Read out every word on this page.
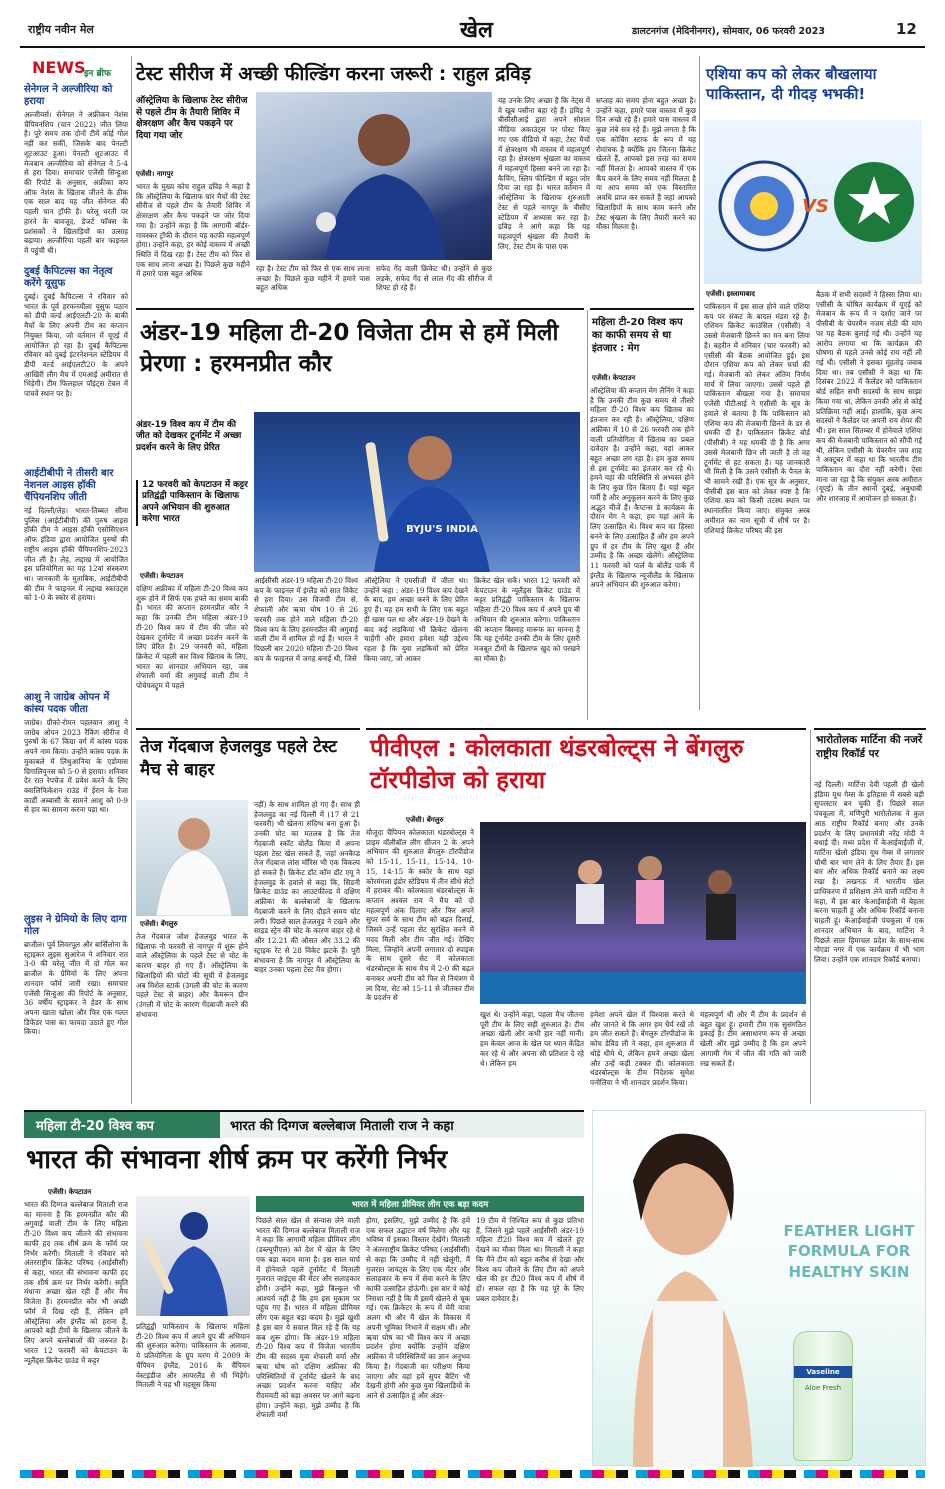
राष्ट्रीय नवीन मेल	खेल	डालटनगंज (मेदिनीनगर), सोमवार, 06 फरवरी 2023	12
NEWS
इन ब्रीफ
सेनेगल ने अल्जीरिया को हराया
अल्जीयर्स। सेनेगल ने अफ्रीकन नेशंस चैंपियनशिप (चान 2022) जीत लिया है। पूरे समय तक दोनों टीमें कोई गोल नहीं कर सकीं, जिसके बाद पेनल्टी शूटआउट हुआ। पेनल्टी शूटआउट में मेजबान अल्जीरिया को सेनेगल ने 5-4 से हरा दिया। समाचार एजेंसी सिन्हुआ की रिपोर्ट के अनुसार, अफ्रीका कप ऑफ नेशंस के खिताब जीतने के ठीक एक साल बाद यह जीत सेनेगल की पहली चान ट्रॉफी है। घरेलू धरती पर हारने के बावजूद, डेजर्ट फॉक्स के प्रशंसकों ने खिलाड़ियों का उत्साह बढ़ाया। अल्जीरिया पहली बार फाइनल में पहुंची थी।
दुबई कैपिटल्स का नेतृत्व करेंगे यूसुफ
दुबई। दुबई कैपिटल्स ने रविवार को भारत के पूर्व हरफनमौला यूसुफ पठान को डीपी वर्ल्ड आईएलटी-20 के बाकी मैचों के लिए अपनी टीम का कप्तान नियुक्त किया, जो वर्तमान में यूएई में आयोजित हो रहा है। दुबई कैपिटल्स रविवार को दुबई इंटरनेशनल स्टेडियम में डीपी वर्ल्ड आईएलटी20 के अपने आखिरी लीग मैच में एमआई अमीरात से भिड़ेगी। टीम फिलहाल पॉइंट्स टेबल में पांचवें स्थान पर है।
आईटीबीपी ने तीसरी बार नेशनल आइस हॉकी चैंपियनशिप जीती
नई दिल्ली/लेह। भारत-तिब्बत सीमा पुलिस (आईटीबीपी) की पुरुष आइस हॉकी टीम ने आइस हॉकी एसोसिएशन ऑफ इंडिया द्वारा आयोजित पुरुषों की राष्ट्रीय आइस हॉकी चैंपियनशिप-2023 जीत ली है। लेह, लद्दाख में आयोजित इस प्रतियोगिता का यह 12वां संस्करण था। जानकारी के मुताबिक, आईटीबीपी की टीम ने फाइनल में लद्दाख स्काउट्स को 1-0 के स्कोर से हराया।
आशु ने जाग्रेब ओपन में कांस्य पदक जीता
जाग्रेब। ग्रीको-रोमन पहलवान आशु ने जाग्रेब ओपन 2023 रैंकिंग सीरीज में पुरुषों के 67 किग्रा वर्ग में कांस्य पदक अपने नाम किया। उन्होंने कांस्य पदक के मुकाबले में लिथुआनिया के एडोमास ग्रिगालियुनस को 5-0 से हराया। शनिवार देर रात रेपचेज में प्रवेश करने के लिए क्वालिफिकेशन राउंड में ईरान के रेजा कार्डी अब्बासी के सामने आशु को 0-9 से हार का सामना करना पड़ा था।
लुइस ने ग्रेमियो के लिए दागा गोल
ब्राजील। पूर्व लिवरपूल और बार्सिलोना के स्ट्राइकर लुइस सुआरेज ने शनिवार रात 3-0 की घरेलू जीत में दो गोल कर ब्राजील के ग्रेमियो के लिए अपना शानदार फॉर्म जारी रखा। समाचार एजेंसी सिन्हुआ की रिपोर्ट के अनुसार, 36 वर्षीय स्ट्राइकर ने हेडर के साथ अपना खाता खोला और फिर एक गलत डिफेंडर पास का फायदा उठाते हुए गोल किया।
टेस्ट सीरीज में अच्छी फील्डिंग करना जरूरी : राहुल द्रविड़
ऑस्ट्रेलिया के खिलाफ टेस्ट सीरीज से पहले टीम के तैयारी शिविर में क्षेत्ररक्षण और कैच पकड़ने पर दिया गया जोर
एजेंसी। नागपुर
भारत के मुख्य कोच राहुल द्रविड़ ने कहा है कि ऑस्ट्रेलिया के खिलाफ चार मैचों की टेस्ट सीरीज से पहले टीम के तैयारी शिविर में क्षेत्ररक्षण और कैच पकड़ने पर जोर दिया गया है। उन्होंने कहा है कि आगामी बॉर्डर-गावस्कर ट्रॉफी के दौरान यह काफी महत्वपूर्ण होगा। उन्होंने कहा, हर कोई वास्तव में अच्छी स्थिति में दिख रहा है। टेस्ट टीम को फिर से एक साथ लाना अच्छा है। पिछले कुछ महीने में हमारे पास बहुत अधिक
रहा है। टेस्ट टीम को फिर से एक साथ लाना अच्छा है। पिछले कुछ महीने में हमारे पास बहुत अधिक
सफेद गेंद वाली क्रिकेट थी। उन्होंने से कुछ लड़के, सफेद गेंद से लाल गेंद की सीरीज में शिफ्ट हो रहे हैं।
यह उनके लिए अच्छा है कि नेट्स में वे खूब पसीना बहा रहे हैं। द्रविड़ ने बीसीसीआई द्वारा अपने सोशल मीडिया अकाउंट्स पर पोस्ट किए गए एक वीडियो में कहा, टेस्ट मैचों में क्षेत्ररक्षण भी वास्तव में महत्वपूर्ण रहा है। क्षेत्ररक्षण श्रृंखला का वास्तव में महत्वपूर्ण हिस्सा बनने जा रहा है। कैचिंग, स्लिप फील्डिंग में बहुत जोर दिया जा रहा है। भारत वर्तमान में ऑस्ट्रेलिया के खिलाफ शुरुआती टेस्ट से पहले नागपुर के वीसीए स्टेडियम में अभ्यास कर रहा है। द्रविड़ ने आगे कहा कि यह महत्वपूर्ण श्रृंखला की तैयारी के लिए, टेस्ट टीम के पास एक
सप्ताह का समय होना बहुत अच्छा है। उन्होंने कहा, हमारे पास वास्तव में कुछ दिन अच्छे रहे हैं। हमारे पास वास्तव में कुछ लंबे सत्र रहे हैं। मुझे लगता है कि एक कोचिंग स्टाफ के रूप में यह रोमांचक है क्योंकि हम जितना क्रिकेट खेलते हैं, आपको इस तरह का समय नहीं मिलता है। आपको वास्तव में एक कैंप करने के लिए समय नहीं मिलता है या आप समय को एक विस्तारित अवधि प्राप्त कर सकते हैं जहां आपको खिलाड़ियों के साथ काम करने और टेस्ट श्रृंखला के लिए तैयारी करने का मौका मिलता है।
एशिया कप को लेकर बौखलाया पाकिस्तान, दी गीदड़ भभकी!
VS
एजेंसी। इस्लामाबाद
पाकिस्तान में इस साल होने वाले एशिया कप पर संकट के बादल मंडरा रहे हैं। एशियन क्रिकेट काउंसिल (एसीसी) ने उससे मेजबानी छिनने का मन बना लिया है। बहरीन में शनिवार (चार फरवरी) को एसीसी की बैठक आयोजित हुई। इस दौरान एशिया कप को लेकर चर्चा की गई। मेजबानी को लेकर अंतिम निर्णय मार्च में लिया जाएगा। उससे पहले ही पाकिस्तान बौखला गया है। समाचार एजेंसी पीटीआई ने एसीसी के सूत्र के हवाले से बताया है कि पाकिस्तान को एशिया कप की मेजबानी छिनने के डर से धमकी दी है। पाकिस्तान क्रिकेट बोर्ड (पीसीबी) ने यह धमकी दी है कि अगर उससे मेजबानी छिन ली जाती है तो वह टूर्नामेंट से हट सकता है। यह जानकारी भी मिली है कि उसने एसीसी के पैनल के भी सामने रखी है। एक सूत्र के अनुसार, पीसीबी इस बात को लेकर स्पष्ट है कि एशिया कप को किसी तटस्थ स्थान पर स्थानांतरित किया जाए। संयुक्त अरब अमीरात का नाम सूची में शीर्ष पर है। एशियाई क्रिकेट परिषद की इस
बैठक में सभी सदस्यों ने हिस्सा लिया था। एसीसी के घोषित कार्यक्रम में यूएई को मेजबान के रूप में न दर्शाए जाने पर पीसीबी के चेयरमैन नजम सेठी की मांग पर यह बैठक बुलाई गई थी। उन्होंने यह आरोप लगाया था कि कार्यक्रम की घोषणा से पहले उनसे कोई राय नहीं ली गई थी। एसीसी ने इसका मुंहतोड़ जवाब दिया था। तब एसीसी ने कहा था कि दिसंबर 2022 में कैलेंडर को पाकिस्तान बोर्ड सहित सभी सदस्यों के साथ साझा किया गया था, लेकिन उनकी ओर से कोई प्रतिक्रिया नहीं आई। हालांकि, कुछ अन्य सदस्यों ने कैलेंडर पर अपनी राय शेयर की थी। इस साल सितम्बर में होनेवाले एशिया कप की मेजबानी पाकिस्तान को सौंपी गई थी, लेकिन एसीसी के चेयरमैन जय शाह ने अक्टूबर में कहा था कि भारतीय टीम पाकिस्तान का दौरा नहीं करेगी। ऐसा माना जा रहा है कि संयुक्त अरब अमीरात (यूएई) के तीन स्थानों दुबई, अबुधाबी और शारजाह में आयोजन हो सकता है।
अंडर-19 महिला टी-20 विजेता टीम से हमें मिली प्रेरणा : हरमनप्रीत कौर
अंडर-19 विश्व कप में टीम की जीत को देखकर टूर्नामेंट में अच्छा प्रदर्शन करने के लिए प्रेरित
12 फरवरी को केपटाउन में कट्टर प्रतिद्वंद्वी पाकिस्तान के खिलाफ अपने अभियान की शुरुआत करेगा भारत
BYJU'S INDIA
एजेंसी। केपटाउन
दक्षिण अफ्रीका में महिला टी-20 विश्व कप शुरू होने में सिर्फ एक हफ्ते का समय बाकी है। भारत की कप्तान हरमनप्रीत कौर ने कहा कि उनकी टीम महिला अंडर-19 टी-20 विश्व कप में टीम की जीत को देखकर टूर्नामेंट में अच्छा प्रदर्शन करने के लिए प्रेरित है। 29 जनवरी को, महिला क्रिकेट में पहली बार विश्व खिताब के लिए, भारत का शानदार अभियान रहा, जब शेफाली वर्मा की अगुवाई वाली टीम ने पोचेफस्ट्रूम में पहले
आईसीसी अंडर-19 महिला टी-20 विश्व कप के फाइनल में इंग्लैंड को सात विकेट से हरा दिया। उस विजयी टीम से, शेफाली और ऋचा घोष 10 से 26 फरवरी तक होने वाले महिला टी-20 विश्व कप के लिए हरमनप्रीत की अगुवाई वाली टीम में शामिल हो गई हैं। भारत ने पिछली बार 2020 महिला टी-20 विश्व कप के फाइनल में जगह बनाई थी, जिसे
ऑस्ट्रेलिया ने एमसीजी में जीता था। उन्होंने कहा : अंडर-19 विश्व कप देखने के बाद, हम अच्छा करने के लिए प्रेरित हुए हैं। यह हम सभी के लिए एक बहुत ही खास पल था और अंडर-19 देखने के बाद कई लड़कियां भी क्रिकेट खेलना चाहेंगी और हमारा हमेशा यही उद्देश्य रहता है कि युवा लड़कियों को प्रेरित किया जाए, जो आकर
क्रिकेट खेल सकें। भारत 12 फरवरी को केपटाउन के न्यूलैंड्स क्रिकेट ग्राउंड में कट्टर प्रतिद्वंद्वी पाकिस्तान के खिलाफ महिला टी-20 विश्व कप में अपने ग्रुप बी अभियान की शुरुआत करेगा। पाकिस्तान की कप्तान बिस्माह मारूफ का मानना है कि यह टूर्नामेंट उनकी टीम के लिए दूसरी मजबूत टीमों के खिलाफ खुद को परखने का मौका है।
महिला टी-20 विश्व कप का काफी समय से था इंतजार : मेग
एजेंसी। केपटाउन
ऑस्ट्रेलिया की कप्तान मेग लैनिंग ने कहा है कि उनकी टीम कुछ समय से तीसरे महिला टी-20 विश्व कप खिताब का इंतजार कर रही है। ऑस्ट्रेलिया, दक्षिण अफ्रीका में 10 से 26 फरवरी तक होने वाली प्रतियोगिता में खिताब का प्रबल दावेदार है। उन्होंने कहा, यहां आकर बहुत अच्छा लग रहा है। हम कुछ समय से इस टूर्नामेंट का इंतजार कर रहे थे। हमने यहां की परिस्थिति से अभ्यस्त होने के लिए कुछ दिन बिताए हैं। यहां बहुत गर्मी है और अनुकूलन करने के लिए कुछ अद्भुत चीजें हैं। कैप्टन्स डे कार्यक्रम के दौरान मेग ने कहा, हम यहां आने के लिए उत्साहित थे। विश्व कप का हिस्सा बनने के लिए उत्साहित हैं और हम अपने ग्रुप में हर टीम के लिए खुश हैं और उम्मीद है कि अच्छा खेलेंगे। ऑस्ट्रेलिया 11 फरवरी को पार्ल के बोलैंड पार्क में इंग्लैंड के खिलाफ न्यूजीलैंड के खिलाफ अपने अभियान की शुरुआत करेगा।
भारोतोलक मार्टिना की नजरें राष्ट्रीय रिकॉर्ड पर
नई दिल्ली। मार्टिना देवी पहली ही खेलो इंडिया यूथ गेम्स के इतिहास में सबसे बड़ी सुपरस्टार बन चुकी हैं। पिछले साल पंचकूला में, मणिपुरी भारोतोलक ने कुल आठ राष्ट्रीय रिकॉर्ड बनाए और उनके प्रदर्शन के लिए प्रधानमंत्री नरेंद्र मोदी ने बधाई दी। मध्य प्रदेश में केआईवाईजी में, मार्टिना खेलो इंडिया यूथ गेम्स में लगातार चौथी बार भाग लेने के लिए तैयार हैं। इस बार और अधिक रिकॉर्ड बनाने का लक्ष्य रखा है। लखनऊ में भारतीय खेल प्राधिकरण में प्रशिक्षण लेने वाली मार्टिना ने कहा, मैं इस बार केआईवाईजी में बेहतर करना चाहती हूं और अधिक रिकॉर्ड बनाना चाहती हूं। केआईवाईजी पंचकूला में एक शानदार अभियान के बाद, मार्टिना ने पिछले साल हिमाचल प्रदेश के साथ-साथ नोएडा नगर में एक कार्यक्रम में भी भाग लिया। उन्होंने एक शानदार रिकॉर्ड बनाया।
तेज गेंदबाज हेजलवुड पहले टेस्ट मैच से बाहर
एजेंसी। बेंगलुरु
तेज गेंदबाज जोश हेजलवुड भारत के खिलाफ नौ फरवरी से नागपुर में शुरू होने वाले ऑस्ट्रेलिया के पहले टेस्ट से चोट के कारण बाहर हो गए हैं। ऑस्ट्रेलिया के खिलाड़ियों की चोटों की सूची में हेजलवुड अब मिशेल स्टार्क (उंगली की चोट के कारण पहले टेस्ट से बाहर) और कैमरून ग्रीन (उंगली में चोट के कारण गेंदबाजी करने की संभावना
नहीं) के साथ शामिल हो गए हैं। साथ ही हेजलवुड का नई दिल्ली में (17 से 21 फरवरी) भी खेलना संदिग्ध बना हुआ है। उनकी चोट का मतलब है कि तेज गेंदबाजी स्कॉट बोलैंड किया में अपना पहला टेस्ट खेल सकते हैं, जहां अनकैप्ड तेज गेंदबाज लांस मॉरिस भी एक विकल्प हो सकते हैं। क्रिकेट डॉट कॉम डॉट एयू ने हेजलवुड के हवाले से कहा कि, सिडनी क्रिकेट ग्राउंड का आउटफील्ड में दक्षिण अफ्रीका के बल्लेबाजों के खिलाफ गेंदबाजी करने के लिए दौड़ते समय चोट लगी। पिछले साल हेजलवुड ने टखने और साइड स्ट्रेन की चोट के कारण बाहर रहे थे और 12.21 की औसत और 33.2 की स्ट्राइक रेट से 28 विकेट झटके हैं। पूरी संभावना है कि नागपुर में ऑस्ट्रेलिया के बाहर उनका पहला टेस्ट मैच होगा।
पीवीएल : कोलकाता थंडरबोल्ट्स ने बेंगलुरु टॉरपीडोज को हराया
एजेंसी। बेंगलुरु
मौजूदा चैंपियन कोलकाता थंडरबोल्ट्स ने प्राइम वॉलीबॉल लीग सीजन 2 के अपने अभियान की शुरुआत बेंगलुरु टॉरपीडोज को 15-11, 15-11, 15-14, 10-15, 14-15 के स्कोर के साथ यहां कोरमंगला इंडोर स्टेडियम में तीन सीधे सेटों में हराकर की। कोलकाता थंडरबोल्ट्स के कप्तान अश्वल राय ने मैच को दो महत्वपूर्ण अंक दिलाए और फिर अपने सुपर सर्व के साथ टीम को बढ़त दिलाई, जिसने उन्हें पहला सेट सुरक्षित करने में मदद मिली और टीम जीत गई। देखिए मिला, जिन्होंने अपनी लगातार दो स्पाइक के साथ दूसरे सेट में कोलकाता थंडरबोल्ट्स के साथ मैच में 2-0 की बढ़त बनाकर अपनी टीम को फिर से नियंत्रण में ला दिया, सेट को 15-11 से जीतकर टीम के प्रदर्शन से
खुश थे। उन्होंने कहा, पहला मैच जीतना पूरी टीम के लिए सही शुरुआत है। टीम अच्छा खेली और कभी हार नहीं मानी। हम केवल आज के खेल पर ध्यान केंद्रित कर रहे थे और अपना सौ प्रतिशत दे रहे थे। लेकिन हम
हमेशा अपने खेल में विश्वास करते थे और जानते थे कि अगर हम धैर्य रखें तो हम जीत सकते हैं। बेंगलुरु टॉरपीडोज के कोच डेविड ली ने कहा, हम शुरुआत में थोड़े धीमे थे, लेकिन हमने अच्छा खेला और उन्हें कड़ी टक्कर दी। कोलकाता थंडरबोल्ट्स के टीम निदेशक सुमेश पनोलिया ने भी शानदार प्रदर्शन किया।
महत्वपूर्ण थी और मैं टीम के प्रदर्शन से बहुत खुश हूं। हमारी टीम एक सुसंगठित इकाई है। टीम असाधारण रूप से अच्छा खेली और मुझे उम्मीद है कि हम अपने आगामी गेम में जीत की गति को जारी रख सकते हैं।
महिला टी-20 विश्व कप	भारत की दिग्गज बल्लेबाज मिताली राज ने कहा
भारत की संभावना शीर्ष क्रम पर करेंगी निर्भर
एजेंसी। केपटाउन
भारत की दिग्गज बल्लेबाज मिताली राज का मानना है कि हरमनप्रीत कौर की अगुवाई वाली टीम के लिए महिला टी-20 विश्व कप जीतने की संभावना काफी हद तक शीर्ष क्रम के फॉर्म पर निर्भर करेगी। मिताली ने रविवार को अंतरराष्ट्रीय क्रिकेट परिषद (आईसीसी) से कहा, भारत की संभावना काफी हद तक शीर्ष क्रम पर निर्भर करेगी। स्मृति मंधाना अच्छा खेल रही हैं और मैच विजेता हैं। हरमनप्रीत कौर भी अच्छी फॉर्म में दिख रही हैं, लेकिन हमें ऑस्ट्रेलिया और इंग्लैंड को हराना है, आपको बड़ी टीमों के खिलाफ जीतने के लिए अपने बल्लेबाजों की जरूरत है। भारत 12 फरवरी को केपटाउन के न्यूलैंड्स क्रिकेट ग्राउंड में कट्टर
प्रतिद्वंद्वी पाकिस्तान के खिलाफ महिला टी-20 विश्व कप में अपने ग्रुप बी अभियान की शुरुआत करेगा। पाकिस्तान के अलावा, ये प्रतियोगिता के ग्रुप चरण में 2009 के चैंपियन इंग्लैंड, 2016 के चैंपियन वेस्टइंडीज और आयरलैंड से भी भिड़ेंगे। मिताली ने यह भी महसूस किया
भारत में महिला प्रीमियर लीग एक बड़ा कदम
पिछले साल खेल से संन्यास लेने वाली भारत की दिग्गज बल्लेबाज मिताली राज ने कहा कि आगामी महिला प्रीमियर लीग (डब्ल्यूपीएल) को देश में खेल के लिए एक बड़ा कदम माना है। इस साल मार्च में होनेवाले पहले टूर्नामेंट में मिताली गुजरात जाइंट्स की मेंटर और सलाहकार होंगी। उन्होंने कहा, मुझे बिल्कुल भी आश्चर्य नहीं है कि हम इस मुकाम पर पहुंच गए हैं। भारत में महिला प्रीमियर लीग एक बहुत बड़ा कदम है। मुझे खुशी है इस बार ये सवाल मिल रहे हैं कि यह कब शुरू होगा। कि अंडर-19 महिला टी-20 विश्व कप में विजेता भारतीय टीम की सदस्य युवा शेफाली वर्मा और ऋचा घोष को दक्षिण अफ्रीका की परिस्थितियों में टूर्नामेंट खेलने के बाद अच्छा प्रदर्शन करना चाहिए और रीदमयटी को बड़ा अवसर पर आगे बढ़ना होगा। उन्होंने कहा, मुझे उम्मीद है कि शेफाली वर्मा
होगा, इसलिए, मुझे उम्मीद है कि हमें एक सफल उद्घाटन वर्ष मिलेगा और यह भविष्य में इसका विस्तार देखेंगे। मिताली ने अंतरराष्ट्रीय क्रिकेट परिषद (आईसीसी) से कहा कि उम्मीद में नहीं खेलूंगी, मैं गुजरात जायंट्स के लिए एक मेंटर और सलाहकार के रूप में सेवा करने के लिए काफी उत्साहित होऊंगी। इस बार ये कोई निराशा नहीं है कि मैं इसमें खेलने से चूक गई। एक क्रिकेटर के रूप में मेरी यात्रा अलग थी और मैं खेल के विकास में अपनी भूमिका निभाने में सक्षम थी। और ऋचा घोष का भी विश्व कप में अच्छा प्रदर्शन होगा क्योंकि उन्होंने दक्षिण अफ्रीका में परिस्थितियों का ज्ञान अनुभव किया है। गेंदबाजी का परीक्षण किया जाएगा और वहां हमें सुपर बैटिंग भी देखनी होगी और कुछ युवा खिलाड़ियों के आने से उत्साहित हूं और अंडर-
19 टीम में निश्चित रूप से कुछ प्रतिभा हैं, जिसने मुझे पहले आईसीसी अंडर-19 महिला टी20 विश्व कप में खेलते हुए देखने का मौका मिला था। मिताली ने कहा कि मैंने टीम को बहुत करीब से देखा और विश्व कप जीतने के लिए टीम को अपने खेल की हर टी20 विश्व कप में शीर्ष में हों। सफल रहा है कि यह पूरे के लिए प्रबल दावेदार है।
FEATHER LIGHT FORMULA FOR HEALTHY SKIN
Vaseline
Aloe Fresh
